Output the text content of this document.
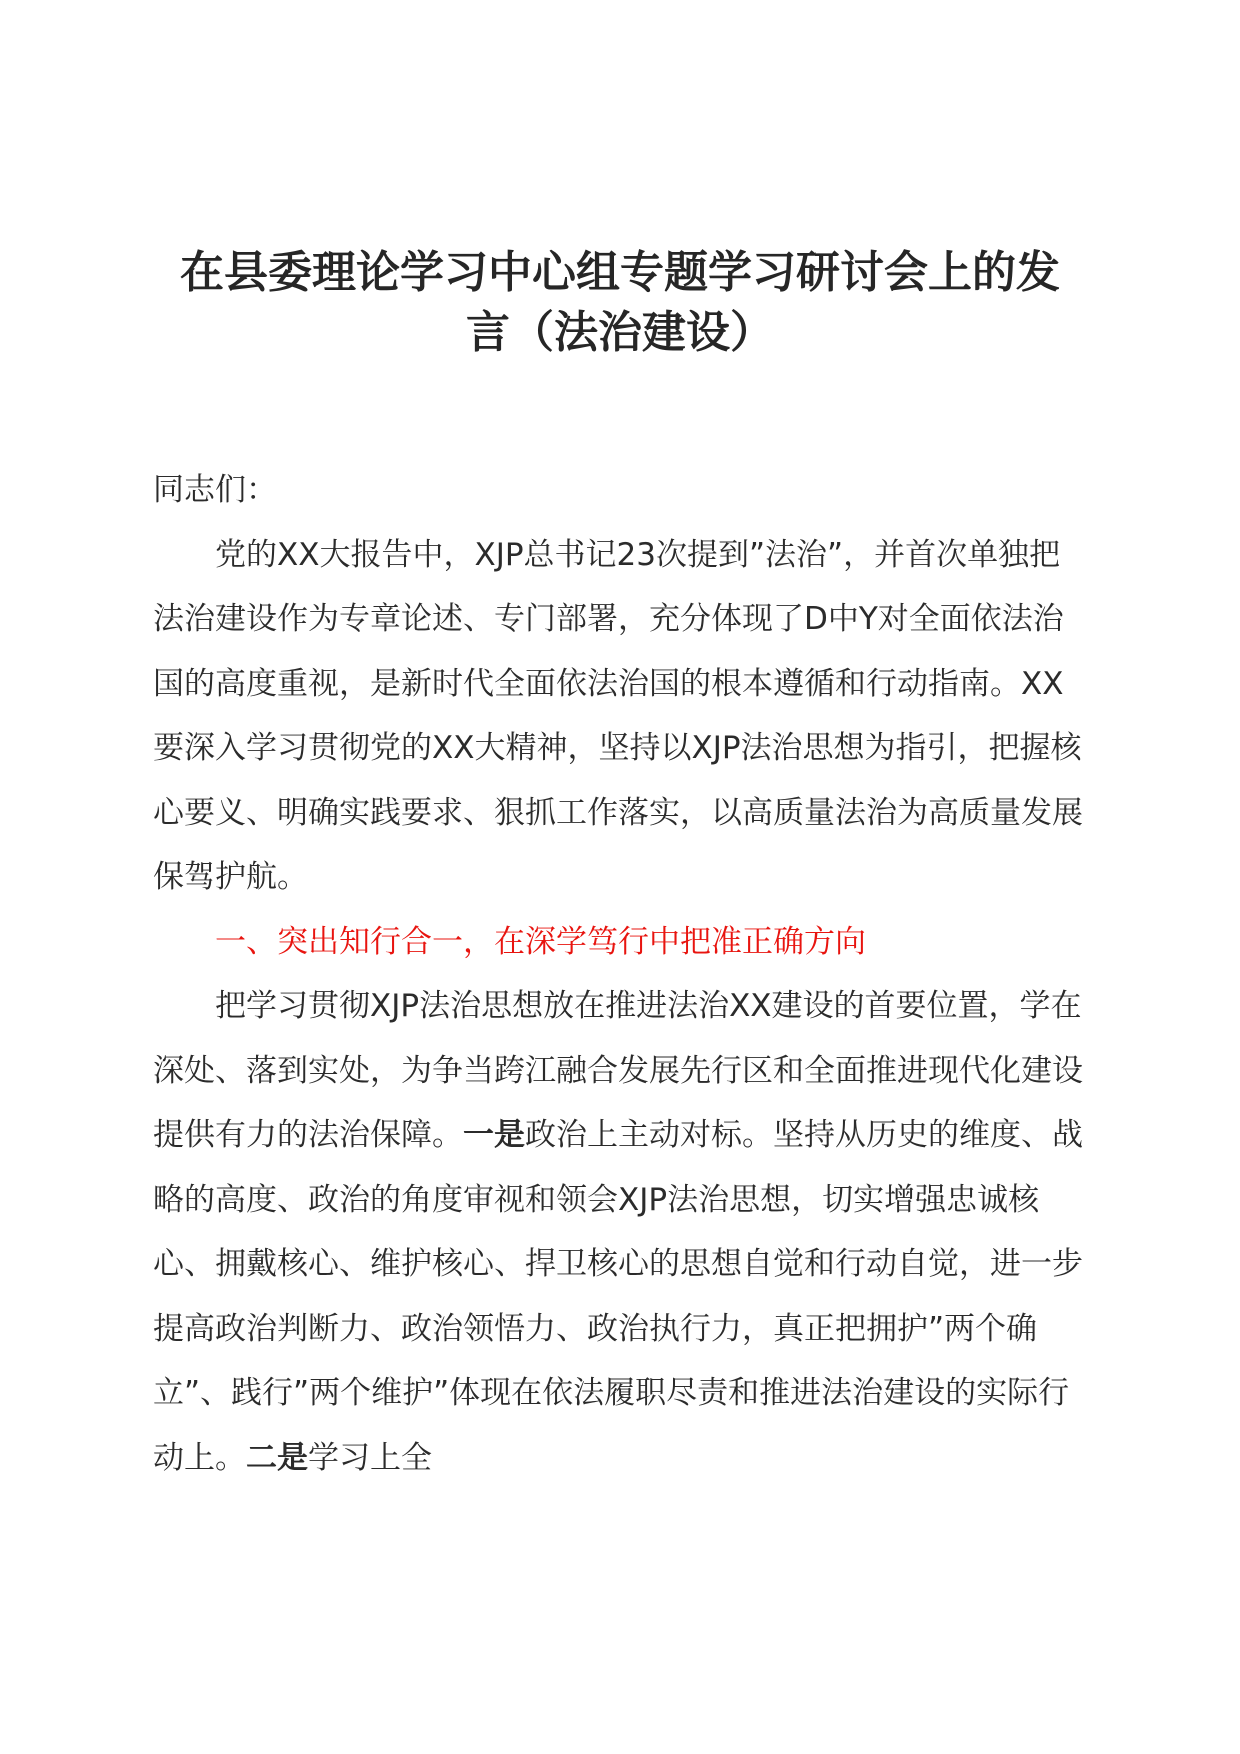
在县委理论学习中心组专题学习研讨会上的发
言（法治建设）

同志们：

党的XX大报告中，XJP总书记23次提到”法治”，并首次单独把法治建设作为专章论述、专门部署，充分体现了D中Y对全面依法治国的高度重视，是新时代全面依法治国的根本遵循和行动指南。XX要深入学习贯彻党的XX大精神，坚持以XJP法治思想为指引，把握核心要义、明确实践要求、狠抓工作落实，以高质量法治为高质量发展保驾护航。

一、突出知行合一，在深学笃行中把准正确方向

把学习贯彻XJP法治思想放在推进法治XX建设的首要位置，学在深处、落到实处，为争当跨江融合发展先行区和全面推进现代化建设提供有力的法治保障。一是政治上主动对标。坚持从历史的维度、战略的高度、政治的角度审视和领会XJP法治思想，切实增强忠诚核心、拥戴核心、维护核心、捍卫核心的思想自觉和行动自觉，进一步提高政治判断力、政治领悟力、政治执行力，真正把拥护”两个确立”、践行”两个维护”体现在依法履职尽责和推进法治建设的实际行动上。二是学习上全
